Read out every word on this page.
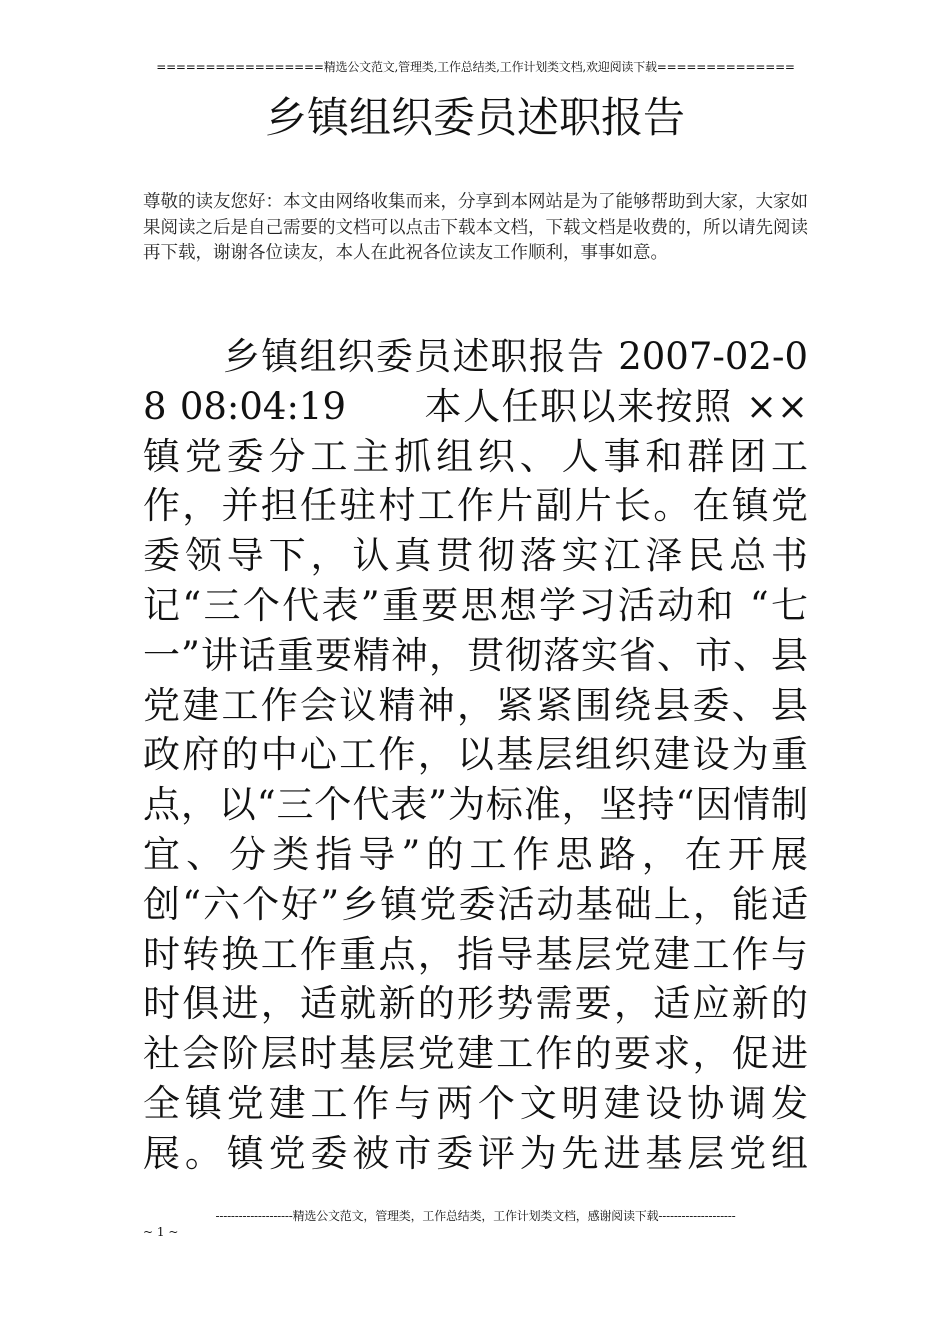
=================精选公文范文,管理类,工作总结类,工作计划类文档,欢迎阅读下载==============
乡镇组织委员述职报告

尊敬的读友您好：本文由网络收集而来，分享到本网站是为了能够帮助到大家，大家如果阅读之后是自己需要的文档可以点击下载本文档，下载文档是收费的，所以请先阅读再下载，谢谢各位读友，本人在此祝各位读友工作顺利，事事如意。

乡镇组织委员述职报告 2007-02-08 08:04:19　　本人任职以来按照 ××镇党委分工主抓组织、人事和群团工作，并担任驻村工作片副片长。在镇党委领导下，认真贯彻落实江泽民总书记“三个代表”重要思想学习活动和 “七一”讲话重要精神，贯彻落实省、市、县党建工作会议精神，紧紧围绕县委、县政府的中心工作，以基层组织建设为重点，以“三个代表”为标准，坚持“因情制宜、分类指导”的工作思路，在开展创“六个好”乡镇党委活动基础上，能适时转换工作重点，指导基层党建工作与时俱进，适就新的形势需要，适应新的社会阶层时基层党建工作的要求，促进全镇党建工作与两个文明建设协调发展。镇党委被市委评为先进基层党组

--------------------精选公文范文，管理类，工作总结类，工作计划类文档，感谢阅读下载--------------------
~ 1 ~
